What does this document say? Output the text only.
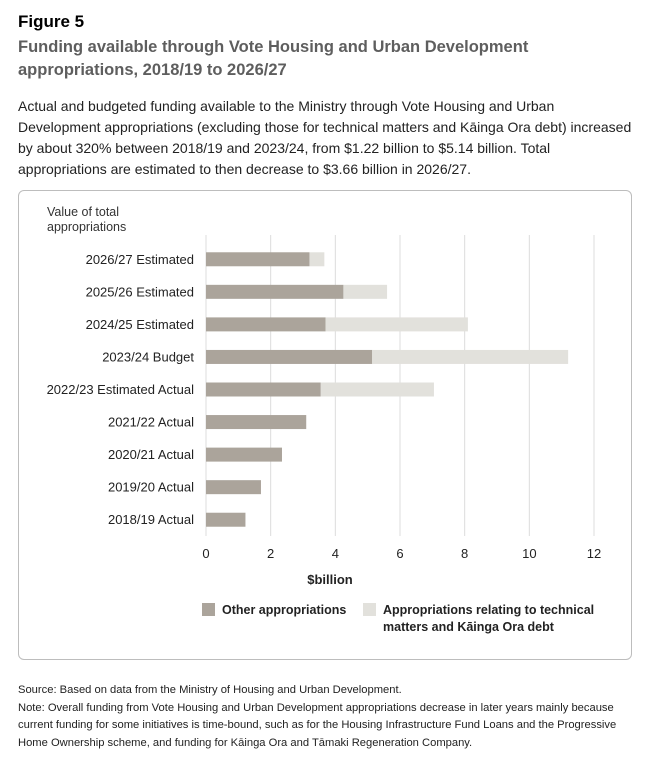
Figure 5
Funding available through Vote Housing and Urban Development appropriations, 2018/19 to 2026/27
Actual and budgeted funding available to the Ministry through Vote Housing and Urban Development appropriations (excluding those for technical matters and Kāinga Ora debt) increased by about 320% between 2018/19 and 2023/24, from $1.22 billion to $5.14 billion. Total appropriations are estimated to then decrease to $3.66 billion in 2026/27.
Value of total
appropriations
2026/27 Estimated
2025/26 Estimated
2024/25 Estimated
2023/24 Budget
2022/23 Estimated Actual
2021/22 Actual
2020/21 Actual
2019/20 Actual
2018/19 Actual
0	2	4	6	8	10	12
$billion
Other appropriations	Appropriations relating to technical matters and Kāinga Ora debt
Source: Based on data from the Ministry of Housing and Urban Development.
Note: Overall funding from Vote Housing and Urban Development appropriations decrease in later years mainly because current funding for some initiatives is time-bound, such as for the Housing Infrastructure Fund Loans and the Progressive Home Ownership scheme, and funding for Kāinga Ora and Tāmaki Regeneration Company.
